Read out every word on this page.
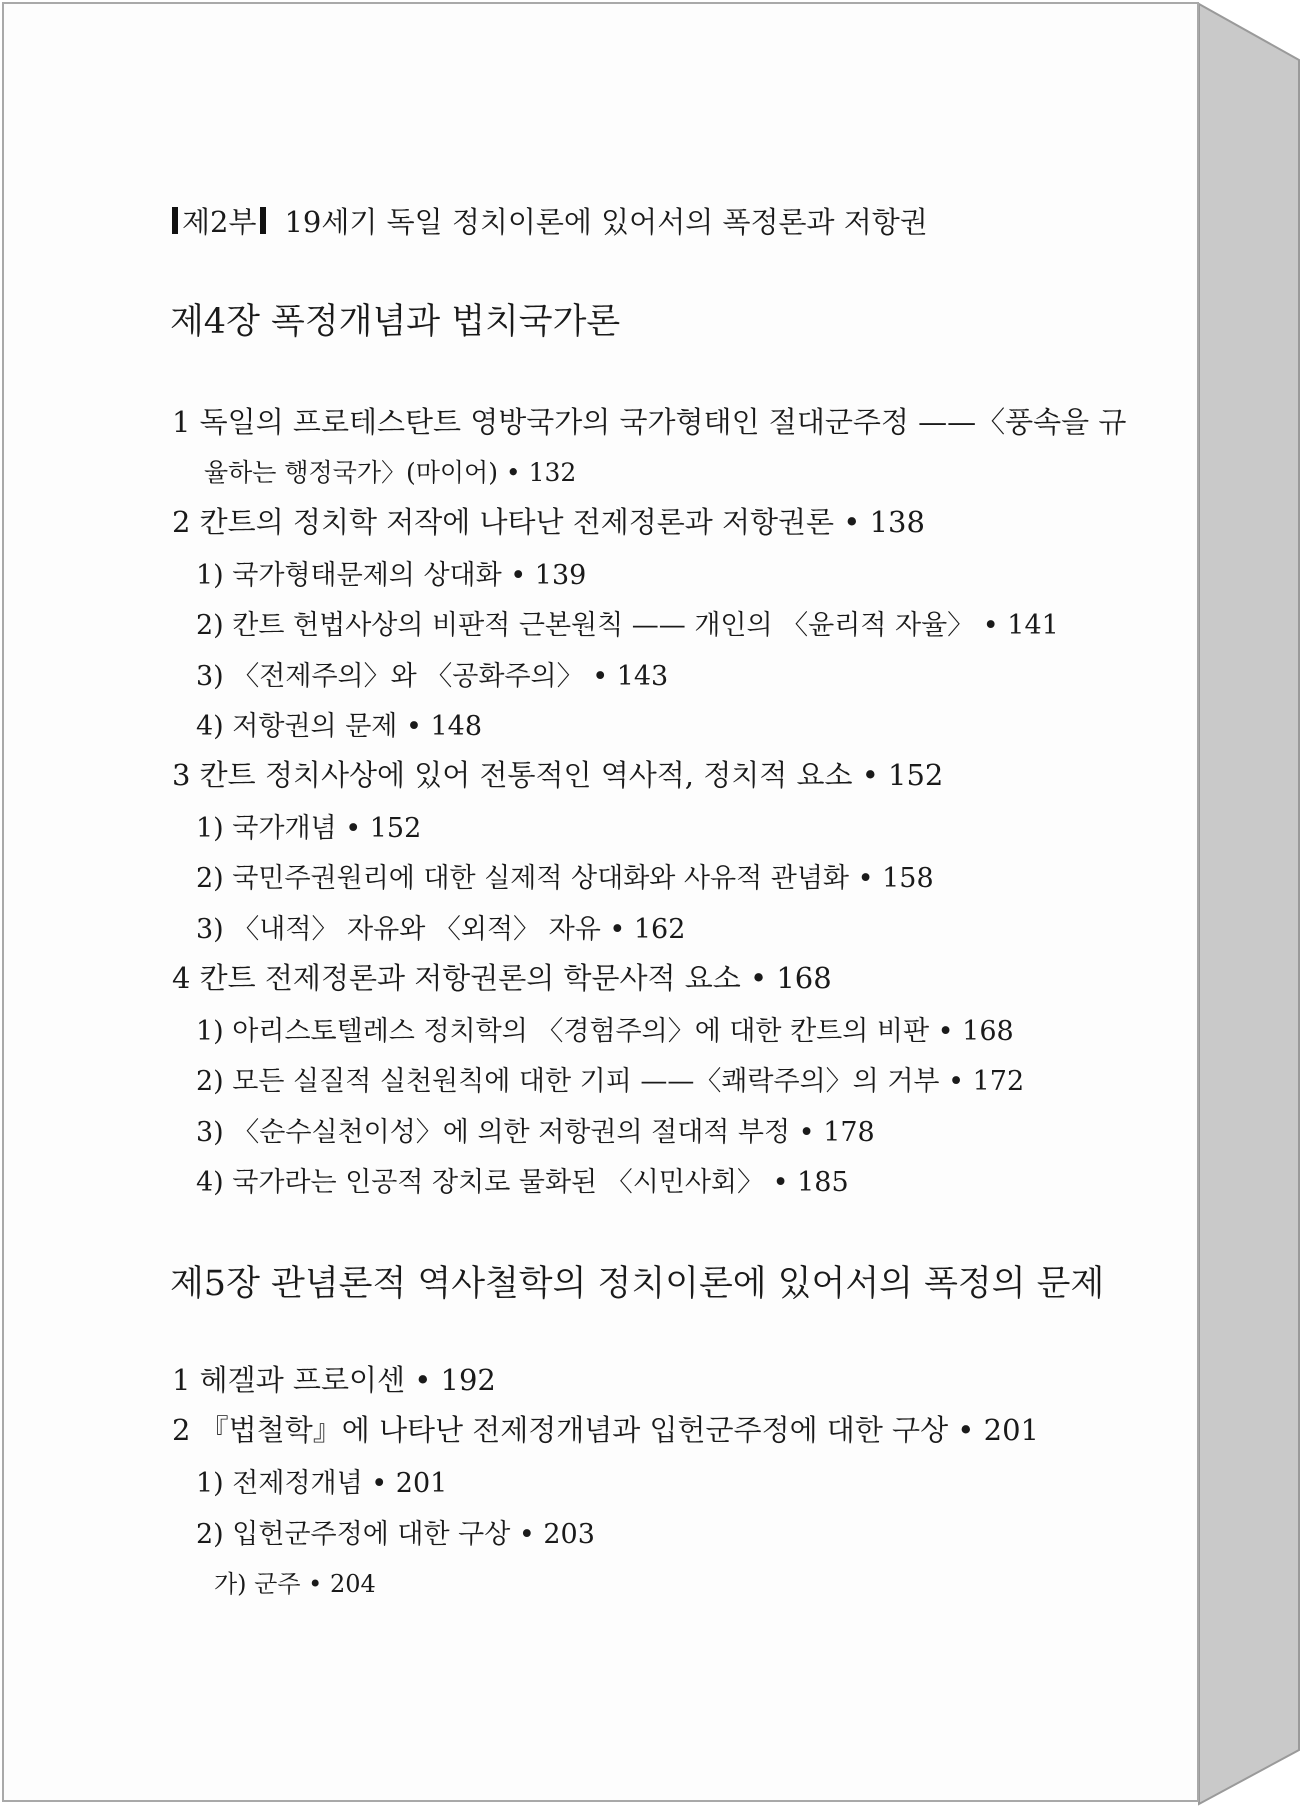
제2부 19세기 독일 정치이론에 있어서의 폭정론과 저항권
제4장 폭정개념과 법치국가론
1 독일의 프로테스탄트 영방국가의 국가형태인 절대군주정 ——〈풍속을 규
율하는 행정국가〉(마이어) • 132
2 칸트의 정치학 저작에 나타난 전제정론과 저항권론 • 138
1) 국가형태문제의 상대화 • 139
2) 칸트 헌법사상의 비판적 근본원칙 —— 개인의 〈윤리적 자율〉 • 141
3) 〈전제주의〉와 〈공화주의〉 • 143
4) 저항권의 문제 • 148
3 칸트 정치사상에 있어 전통적인 역사적, 정치적 요소 • 152
1) 국가개념 • 152
2) 국민주권원리에 대한 실제적 상대화와 사유적 관념화 • 158
3) 〈내적〉 자유와 〈외적〉 자유 • 162
4 칸트 전제정론과 저항권론의 학문사적 요소 • 168
1) 아리스토텔레스 정치학의 〈경험주의〉에 대한 칸트의 비판 • 168
2) 모든 실질적 실천원칙에 대한 기피 ——〈쾌락주의〉의 거부 • 172
3) 〈순수실천이성〉에 의한 저항권의 절대적 부정 • 178
4) 국가라는 인공적 장치로 물화된 〈시민사회〉 • 185
제5장 관념론적 역사철학의 정치이론에 있어서의 폭정의 문제
1 헤겔과 프로이센 • 192
2 『법철학』에 나타난 전제정개념과 입헌군주정에 대한 구상 • 201
1) 전제정개념 • 201
2) 입헌군주정에 대한 구상 • 203
가) 군주 • 204
